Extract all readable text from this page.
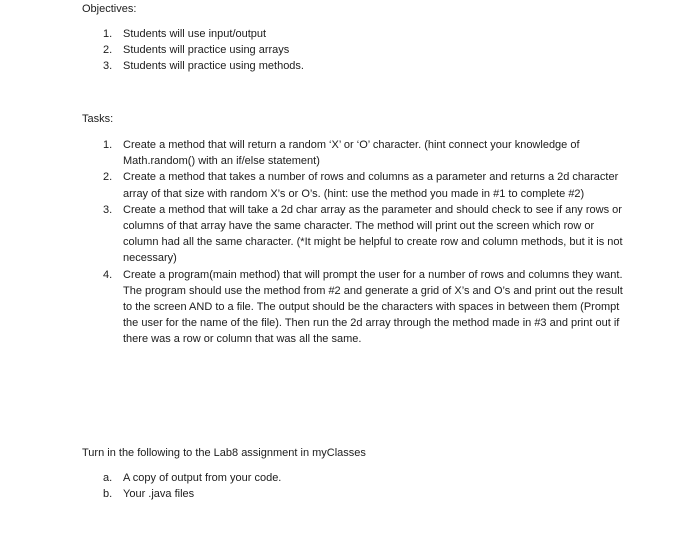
Objectives:
1. Students will use input/output
2. Students will practice using arrays
3. Students will practice using methods.
Tasks:
1. Create a method that will return a random ‘X’ or ‘O’ character. (hint connect your knowledge of Math.random() with an if/else statement)
2. Create a method that takes a number of rows and columns as a parameter and returns a 2d character array of that size with random X’s or O’s. (hint: use the method you made in #1 to complete #2)
3. Create a method that will take a 2d char array as the parameter and should check to see if any rows or columns of that array have the same character. The method will print out the screen which row or column had all the same character. (*It might be helpful to create row and column methods, but it is not necessary)
4. Create a program(main method) that will prompt the user for a number of rows and columns they want. The program should use the method from #2 and generate a grid of X’s and O’s and print out the result to the screen AND to a file. The output should be the characters with spaces in between them (Prompt the user for the name of the file). Then run the 2d array through the method made in #3 and print out if there was a row or column that was all the same.
Turn in the following to the Lab8 assignment in myClasses
a. A copy of output from your code.
b. Your .java files
